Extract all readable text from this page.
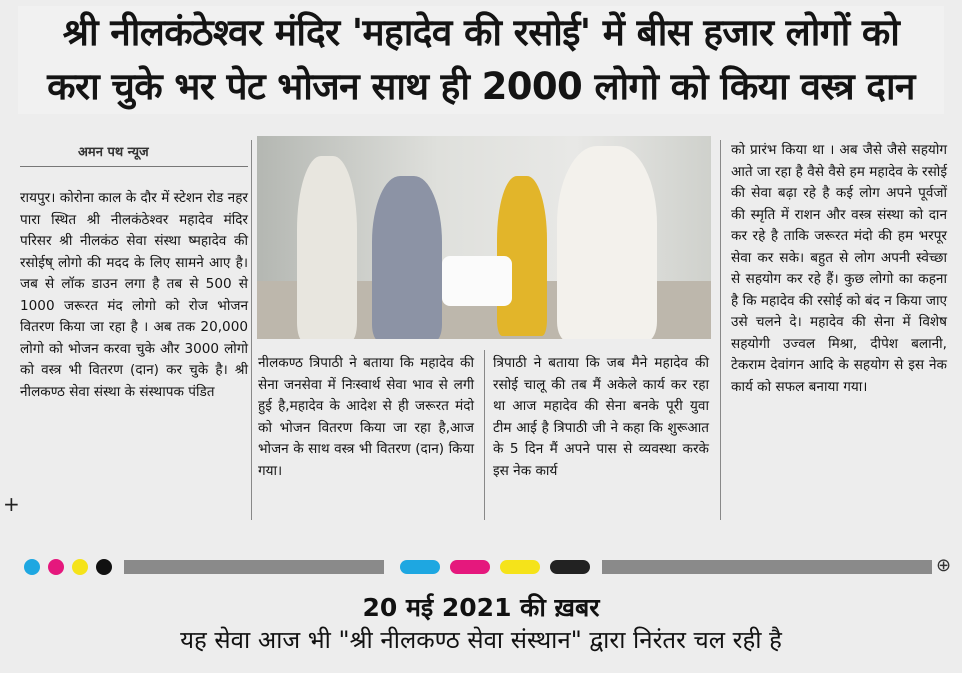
श्री नीलकंठेश्वर मंदिर 'महादेव की रसोई' में बीस हजार लोगों को
करा चुके भर पेट भोजन साथ ही 2000 लोगो को किया वस्त्र दान
अमन पथ न्यूज

रायपुर। कोरोना काल के दौर में स्टेशन रोड नहर पारा स्थित श्री नीलकंठेश्वर महादेव मंदिर परिसर श्री नीलकंठ सेवा संस्था ष्महादेव की रसोईष् लोगो की मदद के लिए सामने आए है। जब से लॉक डाउन लगा है तब से 500 से 1000 जरूरत मंद लोगो को रोज भोजन वितरण किया जा रहा है । अब तक 20,000 लोगो को भोजन करवा चुके और 3000 लोगो को वस्त्र भी वितरण (दान) कर चुके है। श्री नीलकण्ठ सेवा संस्था के संस्थापक पंडित

नीलकण्ठ त्रिपाठी ने बताया कि महादेव की सेना जनसेवा में निःस्वार्थ सेवा भाव से लगी हुई है,महादेव के आदेश से ही जरूरत मंदो को भोजन वितरण किया जा रहा है,आज भोजन के साथ वस्त्र भी वितरण (दान) किया गया।

त्रिपाठी ने बताया कि जब मैने महादेव की रसोई चालू की तब मैं अकेले कार्य कर रहा था आज महादेव की सेना बनके पूरी युवा टीम आई है त्रिपाठी जी ने कहा कि शुरूआत के 5 दिन मैं अपने पास से व्यवस्था करके इस नेक कार्य

को प्रारंभ किया था । अब जैसे जैसे सहयोग आते जा रहा है वैसे वैसे हम महादेव के रसोई की सेवा बढ़ा रहे है कई लोग अपने पूर्वजों की स्मृति में राशन और वस्त्र संस्था को दान कर रहे है ताकि जरूरत मंदो की हम भरपूर सेवा कर सके। बहुत से लोग अपनी स्वेच्छा से सहयोग कर रहे हैं। कुछ लोगो का कहना है कि महादेव की रसोई को बंद न किया जाए उसे चलने दे। महादेव की सेना में विशेष सहयोगी उज्वल मिश्रा, दीपेश बलानी, टेकराम देवांगन आदि के सहयोग से इस नेक कार्य को सफल बनाया गया।

+
⊕
20 मई 2021 की ख़बर
यह सेवा आज भी "श्री नीलकण्ठ सेवा संस्थान" द्वारा निरंतर चल रही है
